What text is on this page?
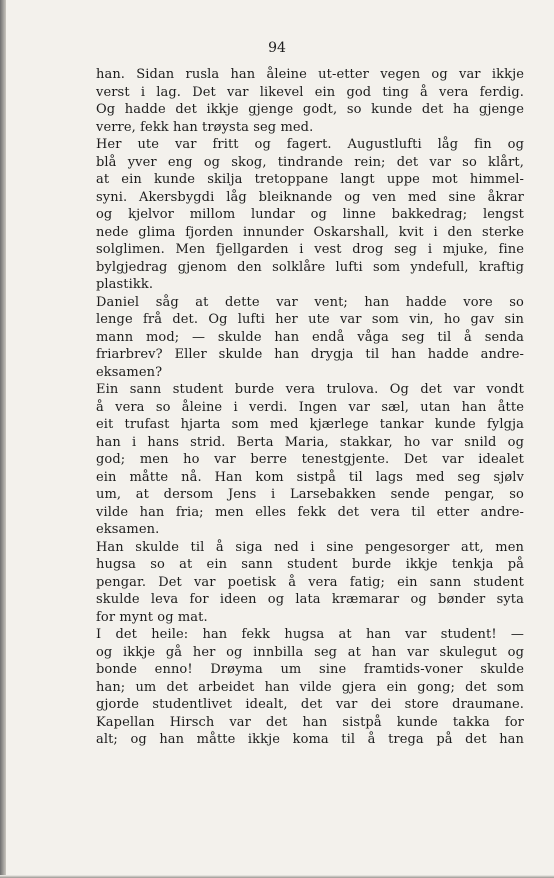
94
han. Sidan rusla han åleine ut-etter vegen og var ikkje
verst i lag. Det var likevel ein god ting å vera ferdig.
Og hadde det ikkje gjenge godt, so kunde det ha gjenge
verre, fekk han trøysta seg med.
Her ute var fritt og fagert. Augustlufti låg fin og
blå yver eng og skog, tindrande rein; det var so klårt,
at ein kunde skilja tretoppane langt uppe mot himmel-
syni. Akersbygdi låg bleiknande og ven med sine åkrar
og kjelvor millom lundar og linne bakkedrag; lengst
nede glima fjorden innunder Oskarshall, kvit i den sterke
solglimen. Men fjellgarden i vest drog seg i mjuke, fine
bylgjedrag gjenom den solklåre lufti som yndefull, kraftig
plastikk.
Daniel såg at dette var vent; han hadde vore so
lenge frå det. Og lufti her ute var som vin, ho gav sin
mann mod; — skulde han endå våga seg til å senda
friarbrev? Eller skulde han drygja til han hadde andre-
eksamen?
Ein sann student burde vera trulova. Og det var vondt
å vera so åleine i verdi. Ingen var sæl, utan han åtte
eit trufast hjarta som med kjærlege tankar kunde fylgja
han i hans strid. Berta Maria, stakkar, ho var snild og
god; men ho var berre tenestgjente. Det var idealet
ein måtte nå. Han kom sistpå til lags med seg sjølv
um, at dersom Jens i Larsebakken sende pengar, so
vilde han fria; men elles fekk det vera til etter andre-
eksamen.
Han skulde til å siga ned i sine pengesorger att, men
hugsa so at ein sann student burde ikkje tenkja på
pengar. Det var poetisk å vera fatig; ein sann student
skulde leva for ideen og lata kræmarar og bønder syta
for mynt og mat.
I det heile: han fekk hugsa at han var student! —
og ikkje gå her og innbilla seg at han var skulegut og
bonde enno! Drøyma um sine framtids-voner skulde
han; um det arbeidet han vilde gjera ein gong; det som
gjorde studentlivet idealt, det var dei store draumane.
Kapellan Hirsch var det han sistpå kunde takka for
alt; og han måtte ikkje koma til å trega på det han
